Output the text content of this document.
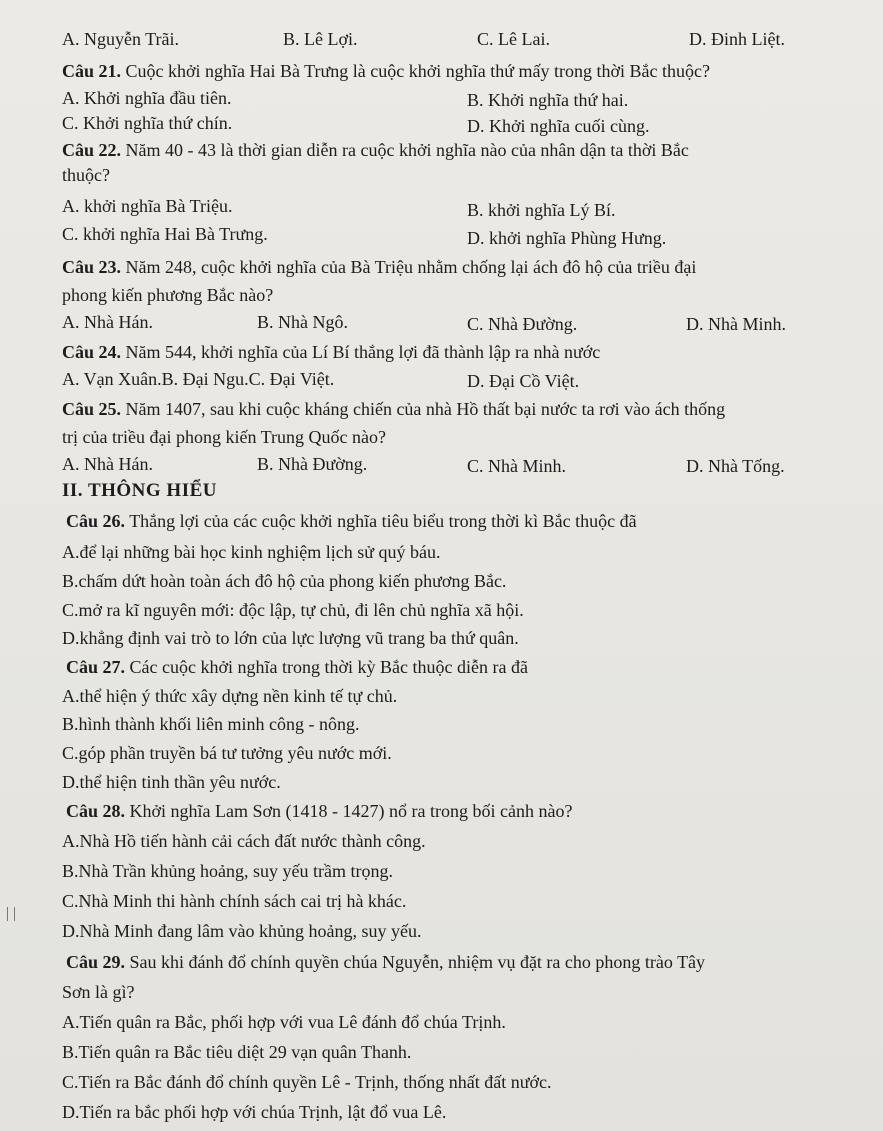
A. Nguyễn Trãi.	B. Lê Lợi.	C. Lê Lai.	D. Đinh Liệt.
Câu 21. Cuộc khởi nghĩa Hai Bà Trưng là cuộc khởi nghĩa thứ mấy trong thời Bắc thuộc?
A. Khởi nghĩa đầu tiên.	B. Khởi nghĩa thứ hai.
C. Khởi nghĩa thứ chín.	D. Khởi nghĩa cuối cùng.
Câu 22. Năm 40 - 43 là thời gian diễn ra cuộc khởi nghĩa nào của nhân dận ta thời Bắc
thuộc?
A. khởi nghĩa Bà Triệu.	B. khởi nghĩa Lý Bí.
C. khởi nghĩa Hai Bà Trưng.	D. khởi nghĩa Phùng Hưng.
Câu 23. Năm 248, cuộc khởi nghĩa của Bà Triệu nhằm chống lại ách đô hộ của triều đại
phong kiến phương Bắc nào?
A. Nhà Hán.	B. Nhà Ngô.	C. Nhà Đường.	D. Nhà Minh.
Câu 24. Năm 544, khởi nghĩa của Lí Bí thắng lợi đã thành lập ra nhà nước
A. Vạn Xuân.B. Đại Ngu.C. Đại Việt.	D. Đại Cồ Việt.
Câu 25. Năm 1407, sau khi cuộc kháng chiến của nhà Hồ thất bại nước ta rơi vào ách thống
trị của triều đại phong kiến Trung Quốc nào?
A. Nhà Hán.	B. Nhà Đường.	C. Nhà Minh.	D. Nhà Tống.
II. THÔNG HIỂU
Câu 26. Thắng lợi của các cuộc khởi nghĩa tiêu biểu trong thời kì Bắc thuộc đã
A.để lại những bài học kinh nghiệm lịch sử quý báu.
B.chấm dứt hoàn toàn ách đô hộ của phong kiến phương Bắc.
C.mở ra kĩ nguyên mới: độc lập, tự chủ, đi lên chủ nghĩa xã hội.
D.khẳng định vai trò to lớn của lực lượng vũ trang ba thứ quân.
Câu 27. Các cuộc khởi nghĩa trong thời kỳ Bắc thuộc diễn ra đã
A.thể hiện ý thức xây dựng nền kinh tế tự chủ.
B.hình thành khối liên minh công - nông.
C.góp phần truyền bá tư tưởng yêu nước mới.
D.thể hiện tinh thần yêu nước.
Câu 28. Khởi nghĩa Lam Sơn (1418 - 1427) nổ ra trong bối cảnh nào?
A.Nhà Hồ tiến hành cải cách đất nước thành công.
B.Nhà Trần khủng hoảng, suy yếu trầm trọng.
C.Nhà Minh thi hành chính sách cai trị hà khác.
D.Nhà Minh đang lâm vào khủng hoảng, suy yếu.
Câu 29. Sau khi đánh đổ chính quyền chúa Nguyễn, nhiệm vụ đặt ra cho phong trào Tây
Sơn là gì?
A.Tiến quân ra Bắc, phối hợp với vua Lê đánh đổ chúa Trịnh.
B.Tiến quân ra Bắc tiêu diệt 29 vạn quân Thanh.
C.Tiến ra Bắc đánh đổ chính quyền Lê - Trịnh, thống nhất đất nước.
D.Tiến ra bắc phối hợp với chúa Trịnh, lật đổ vua Lê.
